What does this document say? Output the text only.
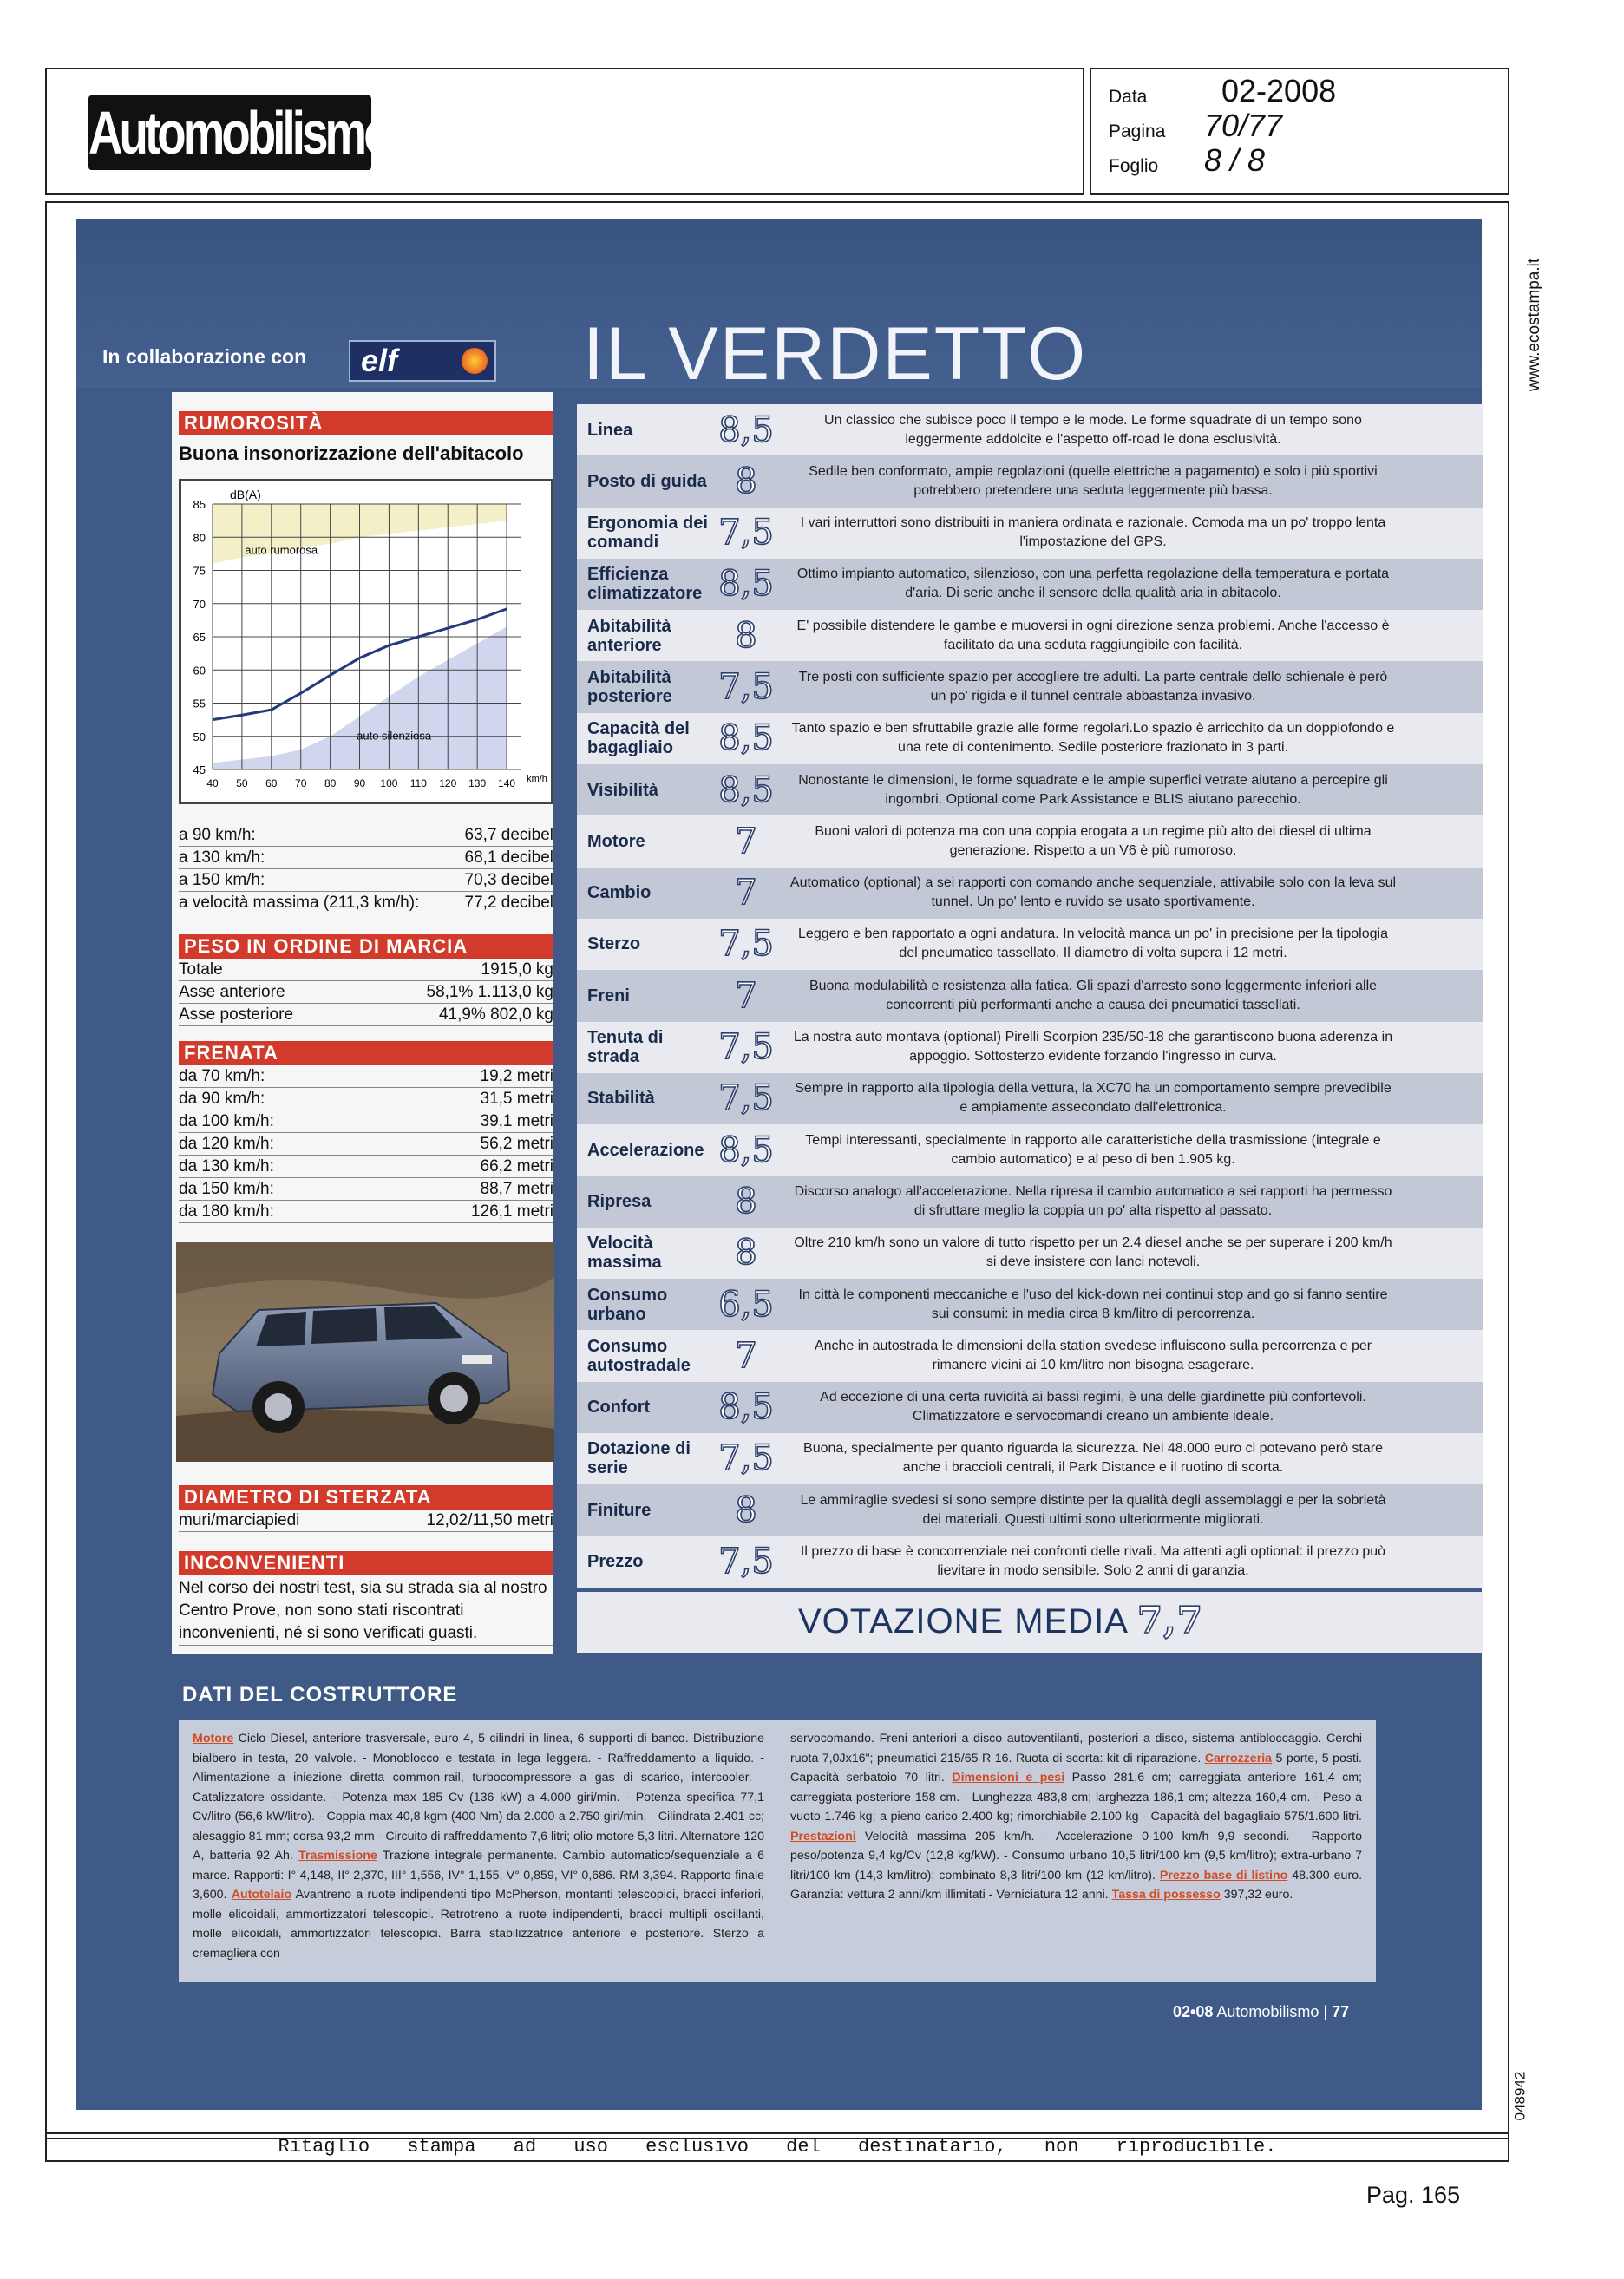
Automobilismo
Data 02-2008
Pagina 70/77
Foglio 8 / 8
www.ecostampa.it
048942
In collaborazione con	elf	IL VERDETTO
RUMOROSITÀ
Buona insonorizzazione dell'abitacolo
45
50
55
60
65
70
75
80
85
40 50 60 70 80 90 100 110 120 130 140 km/h
dB(A)
auto rumorosa
auto silenziosa
a 90 km/h:	63,7 decibel
a 130 km/h:	68,1 decibel
a 150 km/h:	70,3 decibel
a velocità massima (211,3 km/h):	77,2 decibel
PESO IN ORDINE DI MARCIA
Totale	1915,0 kg
Asse anteriore	58,1% 1.113,0 kg
Asse posteriore	41,9% 802,0 kg
FRENATA
da 70 km/h:	19,2 metri
da 90 km/h:	31,5 metri
da 100 km/h:	39,1 metri
da 120 km/h:	56,2 metri
da 130 km/h:	66,2 metri
da 150 km/h:	88,7 metri
da 180 km/h:	126,1 metri
DIAMETRO DI STERZATA
muri/marciapiedi	12,02/11,50 metri
INCONVENIENTI
Nel corso dei nostri test, sia su strada sia al nostro Centro Prove, non sono stati riscontrati inconvenienti, né si sono verificati guasti.
Linea	8,5	Un classico che subisce poco il tempo e le mode. Le forme squadrate di un tempo sono leggermente addolcite e l'aspetto off-road le dona esclusività.
Posto di guida 8	Sedile ben conformato, ampie regolazioni (quelle elettriche a pagamento) e solo i più sportivi potrebbero pretendere una seduta leggermente più bassa.
Ergonomia dei comandi	7,5	I vari interruttori sono distribuiti in maniera ordinata e razionale. Comoda ma un po' troppo lenta l'impostazione del GPS.
Efficienza climatizzatore 8,5	Ottimo impianto automatico, silenzioso, con una perfetta regolazione della temperatura e portata d'aria. Di serie anche il sensore della qualità aria in abitacolo.
Abitabilità anteriore	8	E' possibile distendere le gambe e muoversi in ogni direzione senza problemi. Anche l'accesso è facilitato da una seduta raggiungibile con facilità.
Abitabilità posteriore	7,5	Tre posti con sufficiente spazio per accogliere tre adulti. La parte centrale dello schienale è però un po' rigida e il tunnel centrale abbastanza invasivo.
Capacità del bagagliaio	8,5	Tanto spazio e ben sfruttabile grazie alle forme regolari.Lo spazio è arricchito da un doppiofondo e una rete di contenimento. Sedile posteriore frazionato in 3 parti.
Visibilità	8,5	Nonostante le dimensioni, le forme squadrate e le ampie superfici vetrate aiutano a percepire gli ingombri. Optional come Park Assistance e BLIS aiutano parecchio.
Motore	7	Buoni valori di potenza ma con una coppia erogata a un regime più alto dei diesel di ultima generazione. Rispetto a un V6 è più rumoroso.
Cambio	7	Automatico (optional) a sei rapporti con comando anche sequenziale, attivabile solo con la leva sul tunnel. Un po' lento e ruvido se usato sportivamente.
Sterzo	7,5	Leggero e ben rapportato a ogni andatura. In velocità manca un po' in precisione per la tipologia del pneumatico tassellato. Il diametro di volta supera i 12 metri.
Freni	7	Buona modulabilità e resistenza alla fatica. Gli spazi d'arresto sono leggermente inferiori alle concorrenti più performanti anche a causa dei pneumatici tassellati.
Tenuta di strada	7,5	La nostra auto montava (optional) Pirelli Scorpion 235/50-18 che garantiscono buona aderenza in appoggio. Sottosterzo evidente forzando l'ingresso in curva.
Stabilità	7,5	Sempre in rapporto alla tipologia della vettura, la XC70 ha un comportamento sempre prevedibile e ampiamente assecondato dall'elettronica.
Accelerazione 8,5	Tempi interessanti, specialmente in rapporto alle caratteristiche della trasmissione (integrale e cambio automatico) e al peso di ben 1.905 kg.
Ripresa	8	Discorso analogo all'accelerazione. Nella ripresa il cambio automatico a sei rapporti ha permesso di sfruttare meglio la coppia un po' alta rispetto al passato.
Velocità massima	8	Oltre 210 km/h sono un valore di tutto rispetto per un 2.4 diesel anche se per superare i 200 km/h si deve insistere con lanci notevoli.
Consumo urbano	6,5	In città le componenti meccaniche e l'uso del kick-down nei continui stop and go si fanno sentire sui consumi: in media circa 8 km/litro di percorrenza.
Consumo autostradale	7	Anche in autostrada le dimensioni della station svedese influiscono sulla percorrenza e per rimanere vicini ai 10 km/litro non bisogna esagerare.
Confort	8,5	Ad eccezione di una certa ruvidità ai bassi regimi, è una delle giardinette più confortevoli. Climatizzatore e servocomandi creano un ambiente ideale.
Dotazione di serie	7,5	Buona, specialmente per quanto riguarda la sicurezza. Nei 48.000 euro ci potevano però stare anche i braccioli centrali, il Park Distance e il ruotino di scorta.
Finiture	8	Le ammiraglie svedesi si sono sempre distinte per la qualità degli assemblaggi e per la sobrietà dei materiali. Questi ultimi sono ulteriormente migliorati.
Prezzo	7,5	Il prezzo di base è concorrenziale nei confronti delle rivali. Ma attenti agli optional: il prezzo può lievitare in modo sensibile. Solo 2 anni di garanzia.
VOTAZIONE MEDIA 7,7
DATI DEL COSTRUTTORE
Motore Ciclo Diesel, anteriore trasversale, euro 4, 5 cilindri in linea, 6 supporti di banco. Distribuzione bialbero in testa, 20 valvole. - Monoblocco e testata in lega leggera. - Raffreddamento a liquido. - Alimentazione a iniezione diretta common-rail, turbocompressore a gas di scarico, intercooler. - Catalizzatore ossidante. - Potenza max 185 Cv (136 kW) a 4.000 giri/min. - Potenza specifica 77,1 Cv/litro (56,6 kW/litro). - Coppia max 40,8 kgm (400 Nm) da 2.000 a 2.750 giri/min. - Cilindrata 2.401 cc; alesaggio 81 mm; corsa 93,2 mm - Circuito di raffreddamento 7,6 litri; olio motore 5,3 litri. Alternatore 120 A, batteria 92 Ah. Trasmissione Trazione integrale permanente. Cambio automatico/sequenziale a 6 marce. Rapporti: I° 4,148, II° 2,370, III° 1,556, IV° 1,155, V° 0,859, VI° 0,686. RM 3,394. Rapporto finale 3,600. Autotelaio Avantreno a ruote indipendenti tipo McPherson, montanti telescopici, bracci inferiori, molle elicoidali, ammortizzatori telescopici. Retrotreno a ruote indipendenti, bracci multipli oscillanti, molle elicoidali, ammortizzatori telescopici. Barra stabilizzatrice anteriore e posteriore. Sterzo a cremagliera con
servocomando. Freni anteriori a disco autoventilanti, posteriori a disco, sistema antibloccaggio. Cerchi ruota 7,0Jx16"; pneumatici 215/65 R 16. Ruota di scorta: kit di riparazione. Carrozzeria 5 porte, 5 posti. Capacità serbatoio 70 litri. Dimensioni e pesi Passo 281,6 cm; carreggiata anteriore 161,4 cm; carreggiata posteriore 158 cm. - Lunghezza 483,8 cm; larghezza 186,1 cm; altezza 160,4 cm. - Peso a vuoto 1.746 kg; a pieno carico 2.400 kg; rimorchiabile 2.100 kg - Capacità del bagagliaio 575/1.600 litri. Prestazioni Velocità massima 205 km/h. - Accelerazione 0-100 km/h 9,9 secondi. - Rapporto peso/potenza 9,4 kg/Cv (12,8 kg/kW). - Consumo urbano 10,5 litri/100 km (9,5 km/litro); extra-urbano 7 litri/100 km (14,3 km/litro); combinato 8,3 litri/100 km (12 km/litro). Prezzo base di listino 48.300 euro. Garanzia: vettura 2 anni/km illimitati - Verniciatura 12 anni. Tassa di possesso 397,32 euro.
02•08 Automobilismo | 77
Ritaglio stampa ad uso esclusivo del destinatario, non riproducibile.
Pag. 165
